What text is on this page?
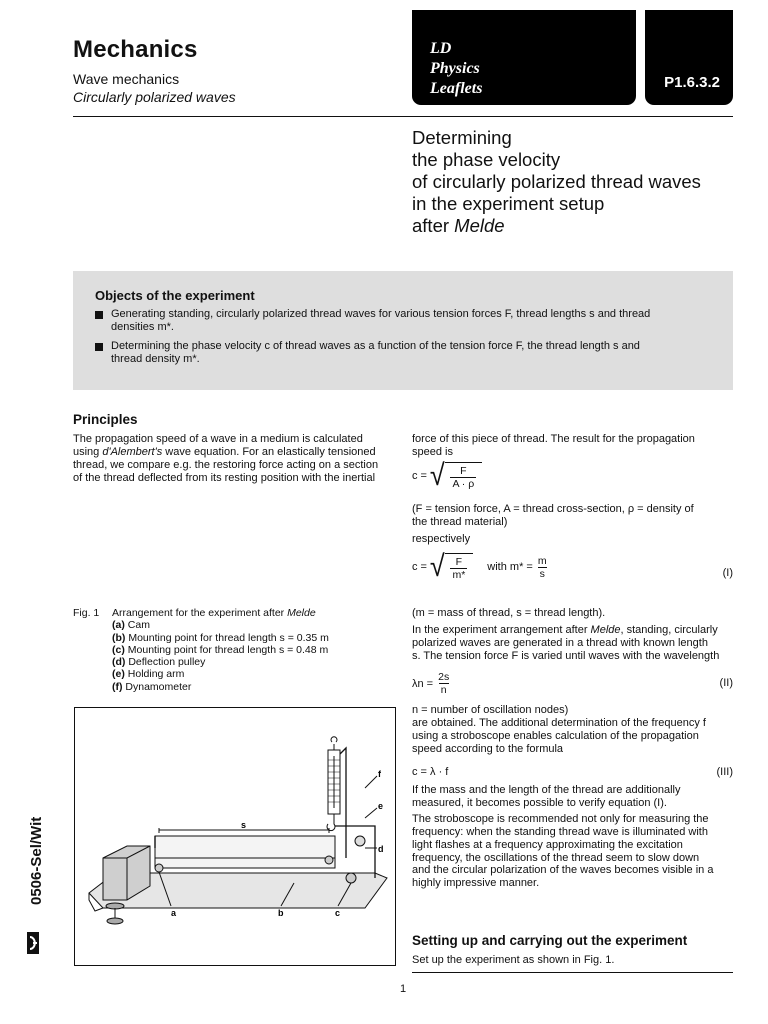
Mechanics
Wave mechanics
Circularly polarized waves
LD
Physics
Leaflets	P1.6.3.2
Determining
the phase velocity
of circularly polarized thread waves
in the experiment setup
after Melde
Objects of the experiment
Generating standing, circularly polarized thread waves for various tension forces F, thread lengths s and thread
densities m*.
Determining the phase velocity c of thread waves as a function of the tension force F, the thread length s and
thread density m*.
Principles
The propagation speed of a wave in a medium is calculated
using d'Alembert's wave equation. For an elastically tensioned
thread, we compare e.g. the restoring force acting on a section
of the thread deflected from its resting position with the inertial
Fig. 1 Arrangement for the experiment after Melde
(a) Cam
(b) Mounting point for thread length s = 0.35 m
(c) Mounting point for thread length s = 0.48 m
(d) Deflection pulley
(e) Holding arm
(f) Dynamometer
a	b	c
d
e
f
s
force of this piece of thread. The result for the propagation
speed is
c = √ $\frac{F}{A \cdot \rho}$
(F = tension force, A = thread cross-section, ρ = density of
the thread material)
respectively
c = √ $\frac{F}{m*}$ with $m* = \frac{m}{s}$	(I)
(m = mass of thread, s = thread length).
In the experiment arrangement after Melde, standing, circularly
polarized waves are generated in a thread with known length
s. The tension force F is varied until waves with the wavelength
$\lambda n = \frac{2s}{n}$	(II)
n = number of oscillation nodes)
are obtained. The additional determination of the frequency f
using a stroboscope enables calculation of the propagation
speed according to the formula
c = λ · f	(III)
If the mass and the length of the thread are additionally
measured, it becomes possible to verify equation (I).
The stroboscope is recommended not only for measuring the
frequency: when the standing thread wave is illuminated with
light flashes at a frequency approximating the excitation
frequency, the oscillations of the thread seem to slow down
and the circular polarization of the waves becomes visible in a
highly impressive manner.
Setting up and carrying out the experiment
Set up the experiment as shown in Fig. 1.
0506-Sel/Wit
1
